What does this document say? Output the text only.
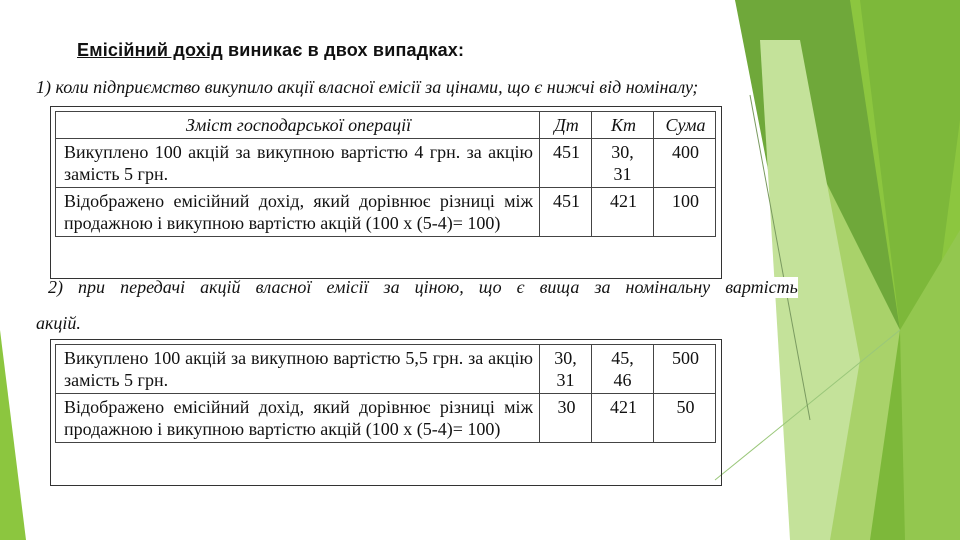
Емісійний дохід виникає в двох випадках:
1) коли підприємство викупило акції власної емісії за цінами, що є нижчі від номіналу;
Зміст господарської операції	Дт	Кт	Сума
Викуплено 100 акцій за викупною вартістю 4 грн. за акцію замість 5 грн.	451	30, 31	400
Відображено емісійний дохід, який дорівнює різниці між продажною і викупною вартістю акцій (100 х (5-4)= 100)	451	421	100
2) при передачі акцій власної емісії за ціною, що є вища за номінальну вартість
акцій.
Викуплено 100 акцій за викупною вартістю 5,5 грн. за акцію замість 5 грн.	30, 31	45, 46	500
Відображено емісійний дохід, який дорівнює різниці між продажною і викупною вартістю акцій (100 х (5-4)= 100)	30	421	50
